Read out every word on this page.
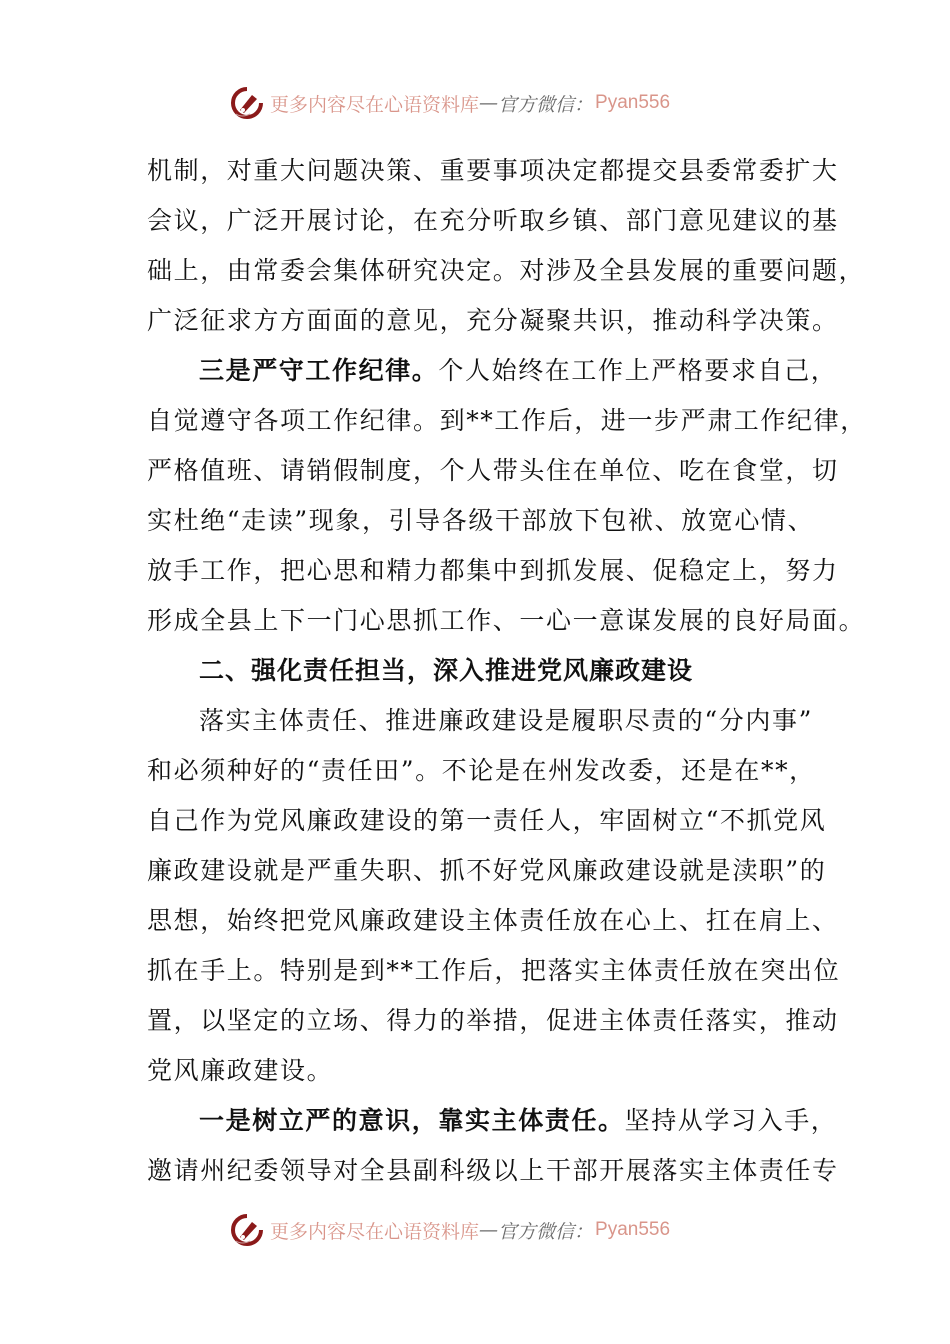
更多内容尽在心语资料库 — 官方微信： Pyan556
机制，对重大问题决策、重要事项决定都提交县委常委扩大
会议，广泛开展讨论，在充分听取乡镇、部门意见建议的基
础上，由常委会集体研究决定。对涉及全县发展的重要问题，
广泛征求方方面面的意见，充分凝聚共识，推动科学决策。
三是严守工作纪律。个人始终在工作上严格要求自己，
自觉遵守各项工作纪律。到**工作后，进一步严肃工作纪律，
严格值班、请销假制度，个人带头住在单位、吃在食堂，切
实杜绝“走读”现象，引导各级干部放下包袱、放宽心情、
放手工作，把心思和精力都集中到抓发展、促稳定上，努力
形成全县上下一门心思抓工作、一心一意谋发展的良好局面。
二、强化责任担当，深入推进党风廉政建设
落实主体责任、推进廉政建设是履职尽责的“分内事”
和必须种好的“责任田”。不论是在州发改委，还是在**，
自己作为党风廉政建设的第一责任人，牢固树立“不抓党风
廉政建设就是严重失职、抓不好党风廉政建设就是渎职”的
思想，始终把党风廉政建设主体责任放在心上、扛在肩上、
抓在手上。特别是到**工作后，把落实主体责任放在突出位
置，以坚定的立场、得力的举措，促进主体责任落实，推动
党风廉政建设。
一是树立严的意识，靠实主体责任。坚持从学习入手，
邀请州纪委领导对全县副科级以上干部开展落实主体责任专
更多内容尽在心语资料库 — 官方微信： Pyan556
